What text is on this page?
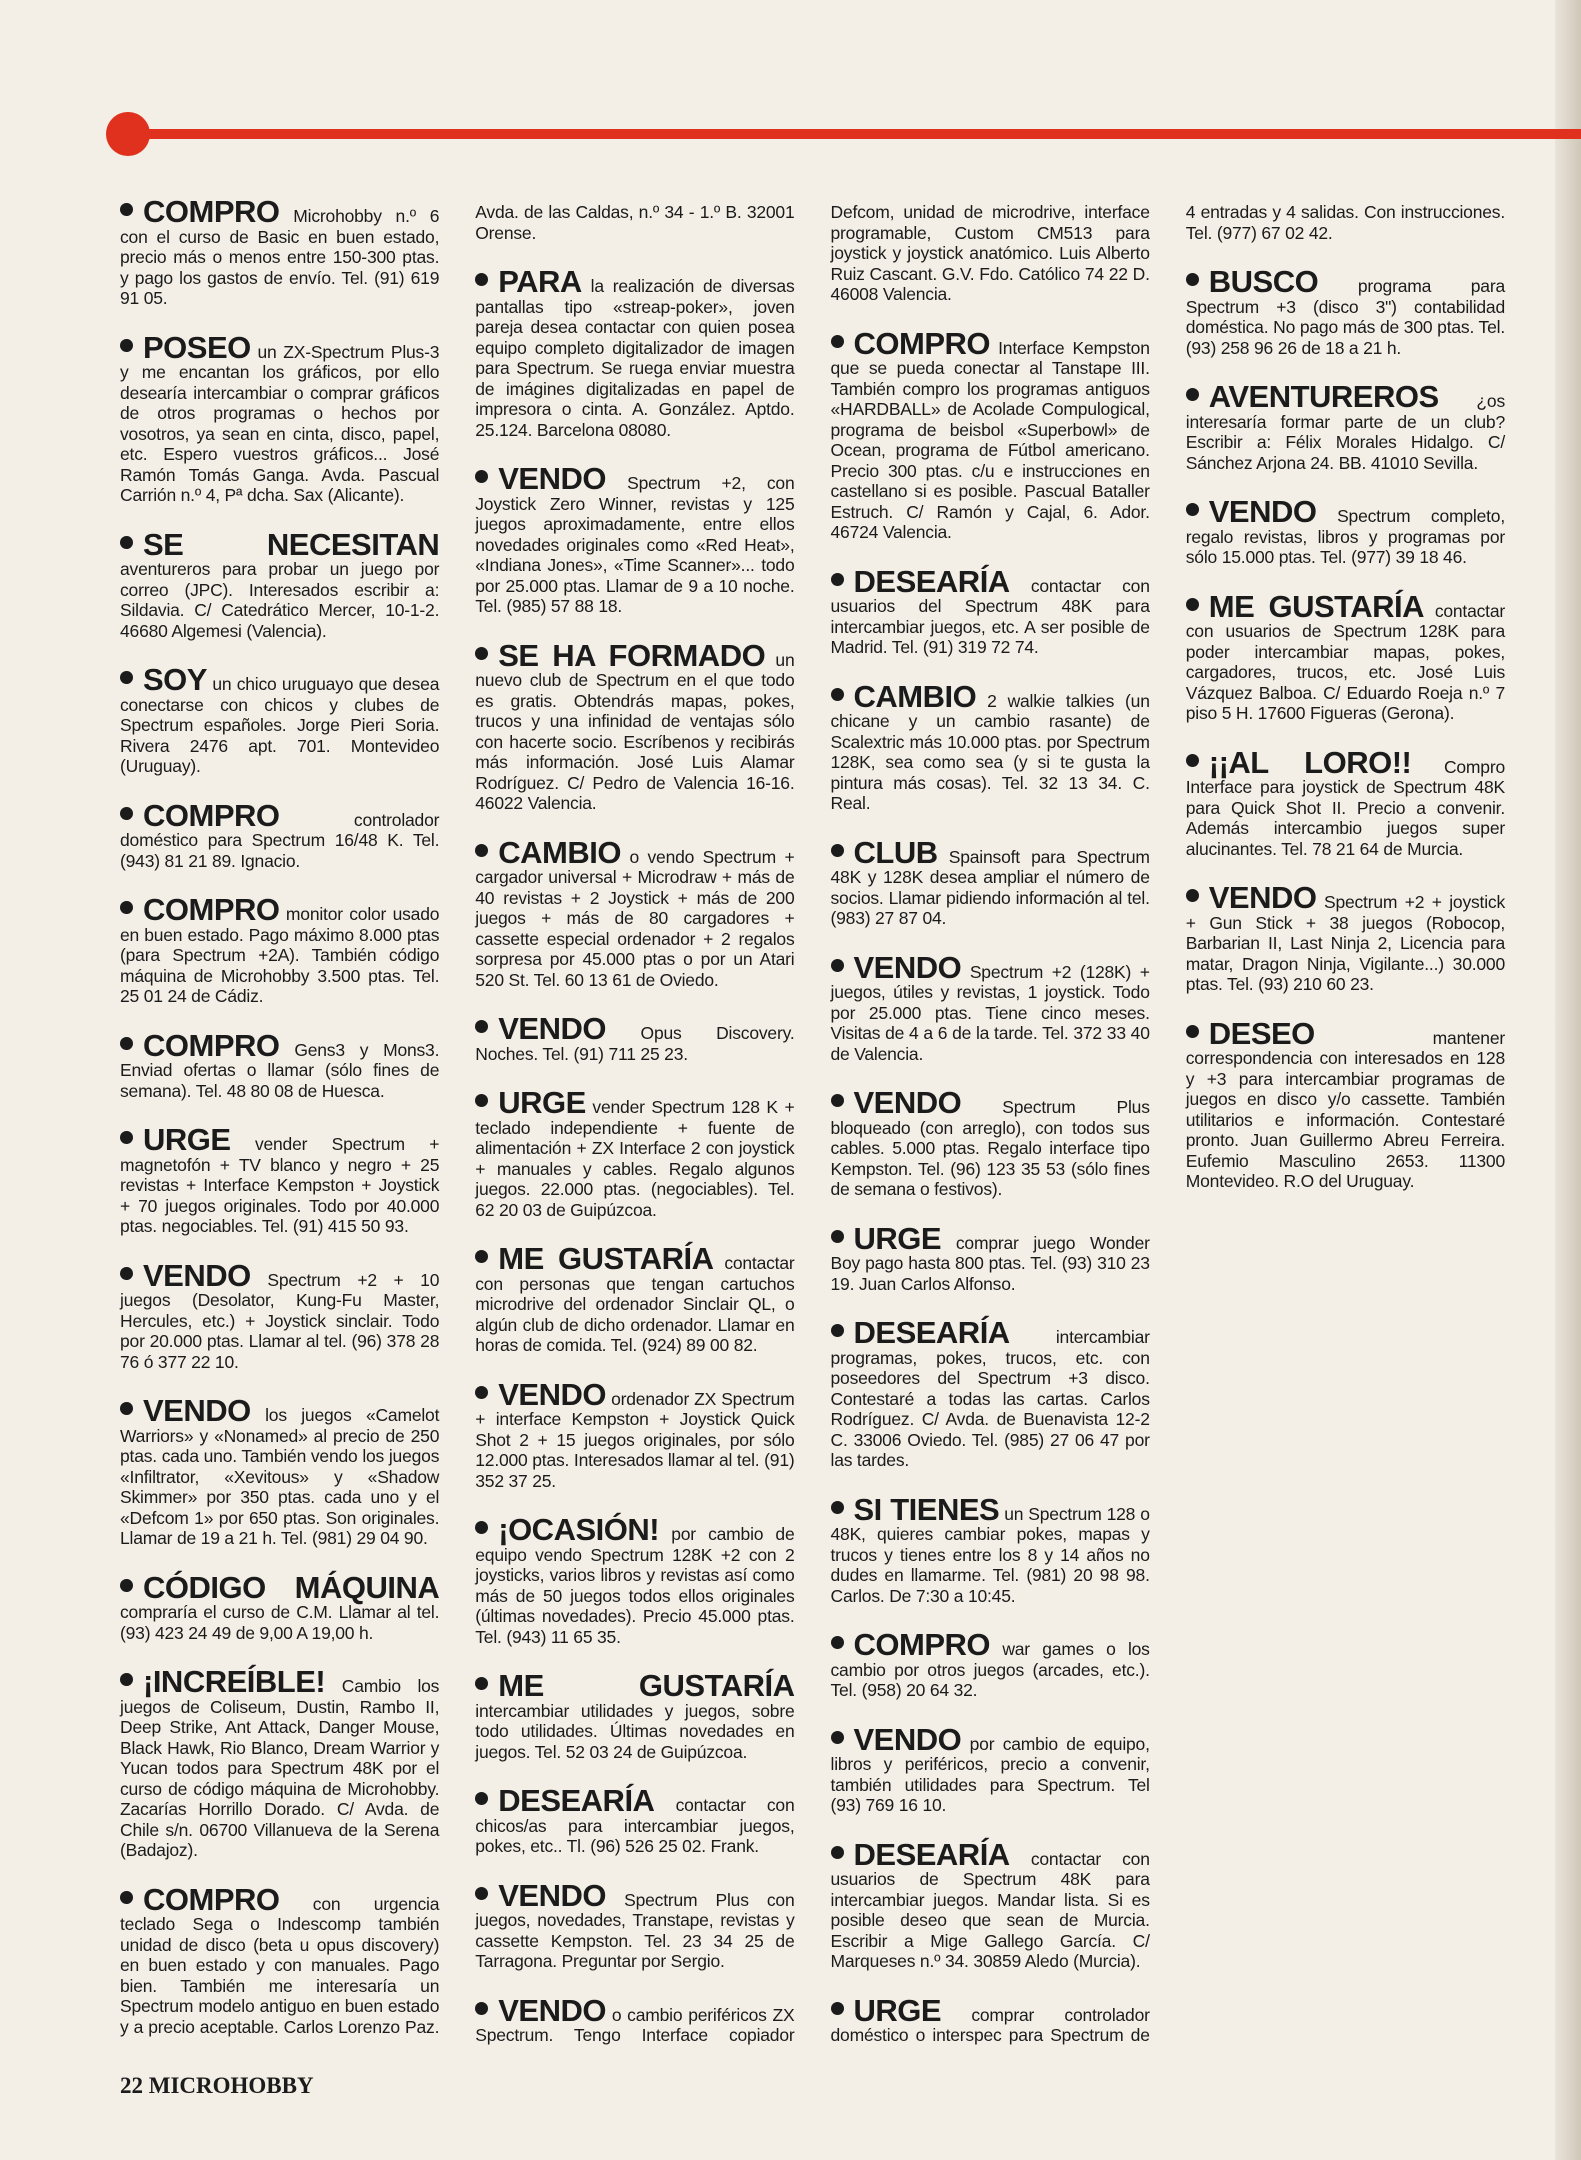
COMPRO Microhobby n.º 6 con el curso de Basic en buen estado, precio más o menos entre 150-300 ptas. y pago los gastos de envío. Tel. (91) 619 91 05.

POSEO un ZX-Spectrum Plus-3 y me encantan los gráficos, por ello desearía intercambiar o comprar gráficos de otros programas o hechos por vosotros, ya sean en cinta, disco, papel, etc. Espero vuestros gráficos... José Ramón Tomás Ganga. Avda. Pascual Carrión n.º 4, Pª dcha. Sax (Alicante).

SE NECESITAN aventureros para probar un juego por correo (JPC). Interesados escribir a: Sildavia. C/ Catedrático Mercer, 10-1-2. 46680 Algemesi (Valencia).

SOY un chico uruguayo que desea conectarse con chicos y clubes de Spectrum españoles. Jorge Pieri Soria. Rivera 2476 apt. 701. Montevideo (Uruguay).

COMPRO	controlador doméstico para Spectrum 16/48 K. Tel. (943) 81 21 89. Ignacio.

COMPRO monitor color usado en buen estado. Pago máximo 8.000 ptas (para Spectrum +2A). También código máquina de Microhobby 3.500 ptas. Tel. 25 01 24 de Cádiz.

COMPRO Gens3 y Mons3. Enviad ofertas o llamar (sólo fines de semana). Tel. 48 80 08 de Huesca.

URGE vender Spectrum + magnetofón + TV blanco y negro + 25 revistas + Interface Kempston + Joystick + 70 juegos originales. Todo por 40.000 ptas. negociables. Tel. (91) 415 50 93.

VENDO Spectrum +2 + 10 juegos (Desolator, Kung-Fu Master, Hercules, etc.) + Joystick sinclair. Todo por 20.000 ptas. Llamar al tel. (96) 378 28 76 ó 377 22 10.

VENDO los juegos «Camelot Warriors» y «Nonamed» al precio de 250 ptas. cada uno. También vendo los juegos «Infiltrator, «Xevitous» y «Shadow Skimmer» por 350 ptas. cada uno y el «Defcom 1» por 650 ptas. Son originales. Llamar de 19 a 21 h. Tel. (981) 29 04 90.

CÓDIGO MÁQUINA compraría el curso de C.M. Llamar al tel. (93) 423 24 49 de 9,00 A 19,00 h.

¡INCREÍBLE! Cambio los juegos de Coliseum, Dustin, Rambo II, Deep Strike, Ant Attack, Danger Mouse, Black Hawk, Rio Blanco, Dream Warrior y Yucan todos para Spectrum 48K por el curso de código máquina de Microhobby. Zacarías Horrillo Dorado. C/ Avda. de Chile s/n. 06700 Villanueva de la Serena (Badajoz).

COMPRO con urgencia teclado Sega o Indescomp también unidad de disco (beta u opus discovery) en buen estado y con manuales. Pago bien. También me interesaría un Spectrum modelo antiguo en buen estado y a precio aceptable. Carlos Lorenzo Paz. Avda. de las Caldas, n.º 34 - 1.º B. 32001 Orense.

PARA la realización de diversas pantallas tipo «streap-poker», joven pareja desea contactar con quien posea equipo completo digitalizador de imagen para Spectrum. Se ruega enviar muestra de imágines digitalizadas en papel de impresora o cinta. A. González. Aptdo. 25.124. Barcelona 08080.

VENDO Spectrum +2, con Joystick Zero Winner, revistas y 125 juegos aproximadamente, entre ellos novedades originales como «Red Heat», «Indiana Jones», «Time Scanner»... todo por 25.000 ptas. Llamar de 9 a 10 noche. Tel. (985) 57 88 18.

SE HA FORMADO un nuevo club de Spectrum en el que todo es gratis. Obtendrás mapas, pokes, trucos y una infinidad de ventajas sólo con hacerte socio. Escríbenos y recibirás más información. José Luis Alamar Rodríguez. C/ Pedro de Valencia 16-16. 46022 Valencia.

CAMBIO o vendo Spectrum + cargador universal + Microdraw + más de 40 revistas + 2 Joystick + más de 200 juegos + más de 80 cargadores + cassette especial ordenador + 2 regalos sorpresa por 45.000 ptas o por un Atari 520 St. Tel. 60 13 61 de Oviedo.

VENDO Opus Discovery. Noches. Tel. (91) 711 25 23.

URGE vender Spectrum 128 K + teclado independiente + fuente de alimentación + ZX Interface 2 con joystick + manuales y cables. Regalo algunos juegos. 22.000 ptas. (negociables). Tel. 62 20 03 de Guipúzcoa.

ME GUSTARÍA contactar con personas que tengan cartuchos microdrive del ordenador Sinclair QL, o algún club de dicho ordenador. Llamar en horas de comida. Tel. (924) 89 00 82.

VENDO ordenador ZX Spectrum + interface Kempston + Joystick Quick Shot 2 + 15 juegos originales, por sólo 12.000 ptas. Interesados llamar al tel. (91) 352 37 25.

¡OCASIÓN! por cambio de equipo vendo Spectrum 128K +2 con 2 joysticks, varios libros y revistas así como más de 50 juegos todos ellos originales (últimas novedades). Precio 45.000 ptas. Tel. (943) 11 65 35.

ME GUSTARÍA intercambiar utilidades y juegos, sobre todo utilidades. Últimas novedades en juegos. Tel. 52 03 24 de Guipúzcoa.

DESEARÍA contactar con chicos/as para intercambiar juegos, pokes, etc.. Tl. (96) 526 25 02. Frank.

VENDO Spectrum Plus con juegos, novedades, Transtape, revistas y cassette Kempston. Tel. 23 34 25 de Tarragona. Preguntar por Sergio.

VENDO o cambio periféricos ZX Spectrum. Tengo Interface copiador Defcom, unidad de microdrive, interface programable, Custom CM513 para joystick y joystick anatómico. Luis Alberto Ruiz Cascant. G.V. Fdo. Católico 74 22 D. 46008 Valencia.

COMPRO Interface Kempston que se pueda conectar al Tanstape III. También compro los programas antiguos «HARDBALL» de Acolade Compulogical, programa de beisbol «Superbowl» de Ocean, programa de Fútbol americano. Precio 300 ptas. c/u e instrucciones en castellano si es posible. Pascual Bataller Estruch. C/ Ramón y Cajal, 6. Ador. 46724 Valencia.

DESEARÍA contactar con usuarios del Spectrum 48K para intercambiar juegos, etc. A ser posible de Madrid. Tel. (91) 319 72 74.

CAMBIO 2 walkie talkies (un chicane y un cambio rasante) de Scalextric más 10.000 ptas. por Spectrum 128K, sea como sea (y si te gusta la pintura más cosas). Tel. 32 13 34. C. Real.

CLUB Spainsoft para Spectrum 48K y 128K desea ampliar el número de socios. Llamar pidiendo información al tel. (983) 27 87 04.

VENDO Spectrum +2 (128K) + juegos, útiles y revistas, 1 joystick. Todo por 25.000 ptas. Tiene cinco meses. Visitas de 4 a 6 de la tarde. Tel. 372 33 40 de Valencia.

VENDO Spectrum Plus bloqueado (con arreglo), con todos sus cables. 5.000 ptas. Regalo interface tipo Kempston. Tel. (96) 123 35 53 (sólo fines de semana o festivos).

URGE comprar juego Wonder Boy pago hasta 800 ptas. Tel. (93) 310 23 19. Juan Carlos Alfonso.

DESEARÍA	intercambiar programas, pokes, trucos, etc. con poseedores del Spectrum +3 disco. Contestaré a todas las cartas. Carlos Rodríguez. C/ Avda. de Buenavista 12-2 C. 33006 Oviedo. Tel. (985) 27 06 47 por las tardes.

SI TIENES un Spectrum 128 o 48K, quieres cambiar pokes, mapas y trucos y tienes entre los 8 y 14 años no dudes en llamarme. Tel. (981) 20 98 98. Carlos. De 7:30 a 10:45.

COMPRO war games o los cambio por otros juegos (arcades, etc.). Tel. (958) 20 64 32.

VENDO por cambio de equipo, libros y periféricos, precio a convenir, también utilidades para Spectrum. Tel (93) 769 16 10.

DESEARÍA contactar con usuarios de Spectrum 48K para intercambiar juegos. Mandar lista. Si es posible deseo que sean de Murcia. Escribir a Mige Gallego García. C/ Marqueses n.º 34. 30859 Aledo (Murcia).

URGE comprar controlador doméstico o interspec para Spectrum de 4 entradas y 4 salidas. Con instrucciones. Tel. (977) 67 02 42.

BUSCO programa para Spectrum +3 (disco 3") contabilidad doméstica. No pago más de 300 ptas. Tel. (93) 258 96 26 de 18 a 21 h.

AVENTUREROS ¿os interesaría formar parte de un club? Escribir a: Félix Morales Hidalgo. C/ Sánchez Arjona 24. BB. 41010 Sevilla.

VENDO Spectrum completo, regalo revistas, libros y programas por sólo 15.000 ptas. Tel. (977) 39 18 46.

ME GUSTARÍA contactar con usuarios de Spectrum 128K para poder intercambiar mapas, pokes, cargadores, trucos, etc. José Luis Vázquez Balboa. C/ Eduardo Roeja n.º 7 piso 5 H. 17600 Figueras (Gerona).

¡¡AL LORO!! Compro Interface para joystick de Spectrum 48K para Quick Shot II. Precio a convenir. Además intercambio juegos super alucinantes. Tel. 78 21 64 de Murcia.

VENDO Spectrum +2 + joystick + Gun Stick + 38 juegos (Robocop, Barbarian II, Last Ninja 2, Licencia para matar, Dragon Ninja, Vigilante...) 30.000 ptas. Tel. (93) 210 60 23.

DESEO	mantener correspondencia con interesados en 128 y +3 para intercambiar programas de juegos en disco y/o cassette. También utilitarios e información. Contestaré pronto. Juan Guillermo Abreu Ferreira. Eufemio Masculino 2653. 11300 Montevideo. R.O del Uruguay.

22 MICROHOBBY
